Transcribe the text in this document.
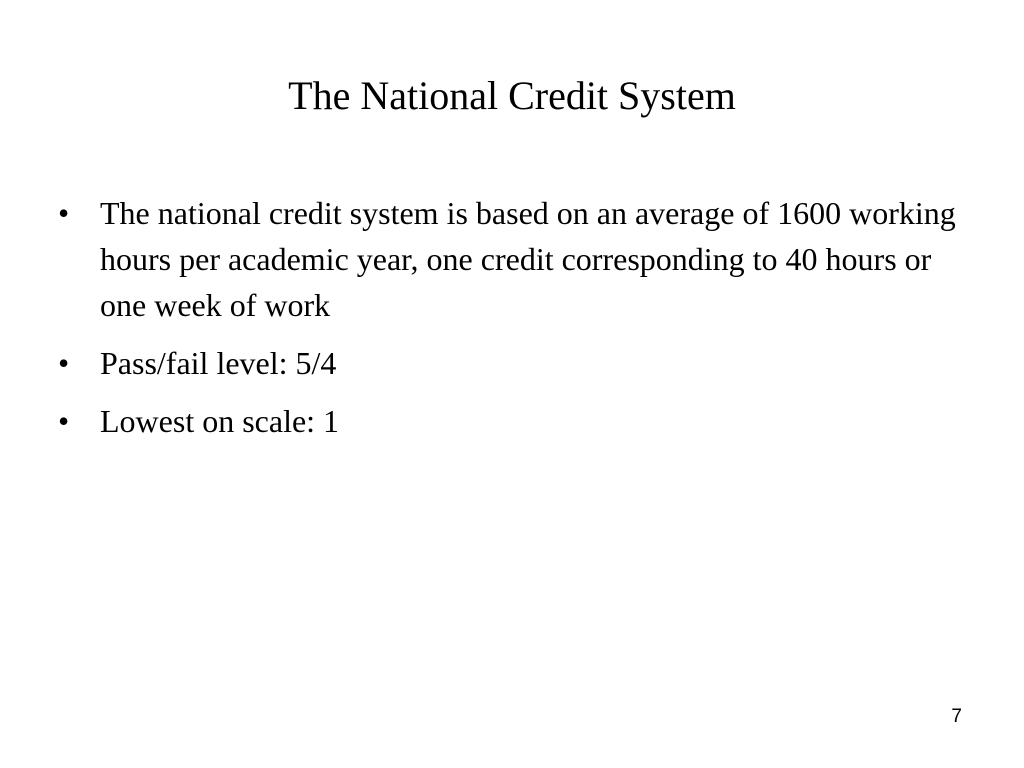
The National Credit System
• The national credit system is based on an average of 1600 working hours per academic year, one credit corresponding to 40 hours or one week of work
• Pass/fail level: 5/4
• Lowest on scale: 1
7
